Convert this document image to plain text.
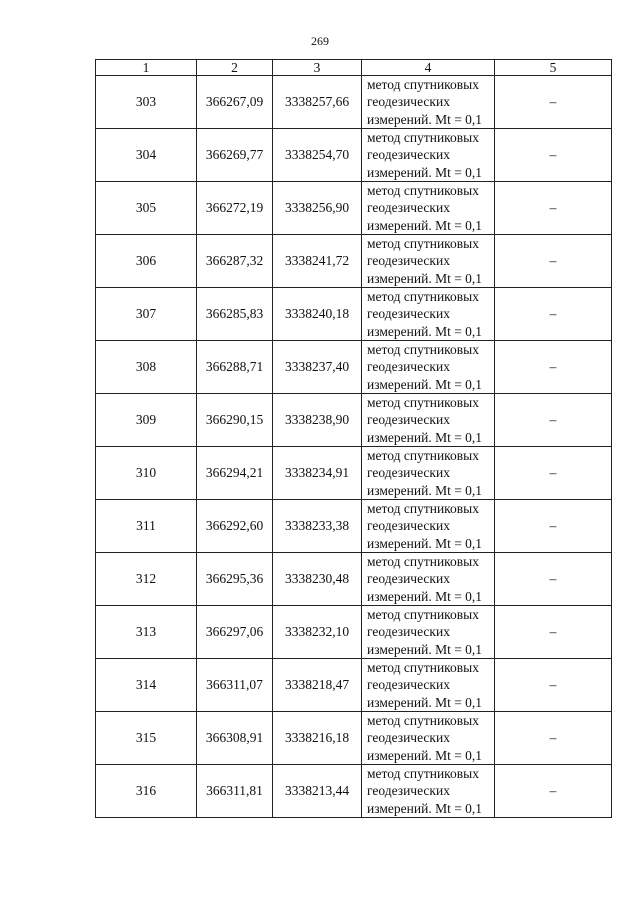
269
1	2	3	4	5
303	366267,09	3338257,66	метод спутниковых
геодезических
измерений. Mt = 0,1	–
304	366269,77	3338254,70	метод спутниковых
геодезических
измерений. Mt = 0,1	–
305	366272,19	3338256,90	метод спутниковых
геодезических
измерений. Mt = 0,1	–
306	366287,32	3338241,72	метод спутниковых
геодезических
измерений. Mt = 0,1	–
307	366285,83	3338240,18	метод спутниковых
геодезических
измерений. Mt = 0,1	–
308	366288,71	3338237,40	метод спутниковых
геодезических
измерений. Mt = 0,1	–
309	366290,15	3338238,90	метод спутниковых
геодезических
измерений. Mt = 0,1	–
310	366294,21	3338234,91	метод спутниковых
геодезических
измерений. Mt = 0,1	–
311	366292,60	3338233,38	метод спутниковых
геодезических
измерений. Mt = 0,1	–
312	366295,36	3338230,48	метод спутниковых
геодезических
измерений. Mt = 0,1	–
313	366297,06	3338232,10	метод спутниковых
геодезических
измерений. Mt = 0,1	–
314	366311,07	3338218,47	метод спутниковых
геодезических
измерений. Mt = 0,1	–
315	366308,91	3338216,18	метод спутниковых
геодезических
измерений. Mt = 0,1	–
316	366311,81	3338213,44	метод спутниковых
геодезических
измерений. Mt = 0,1	–
